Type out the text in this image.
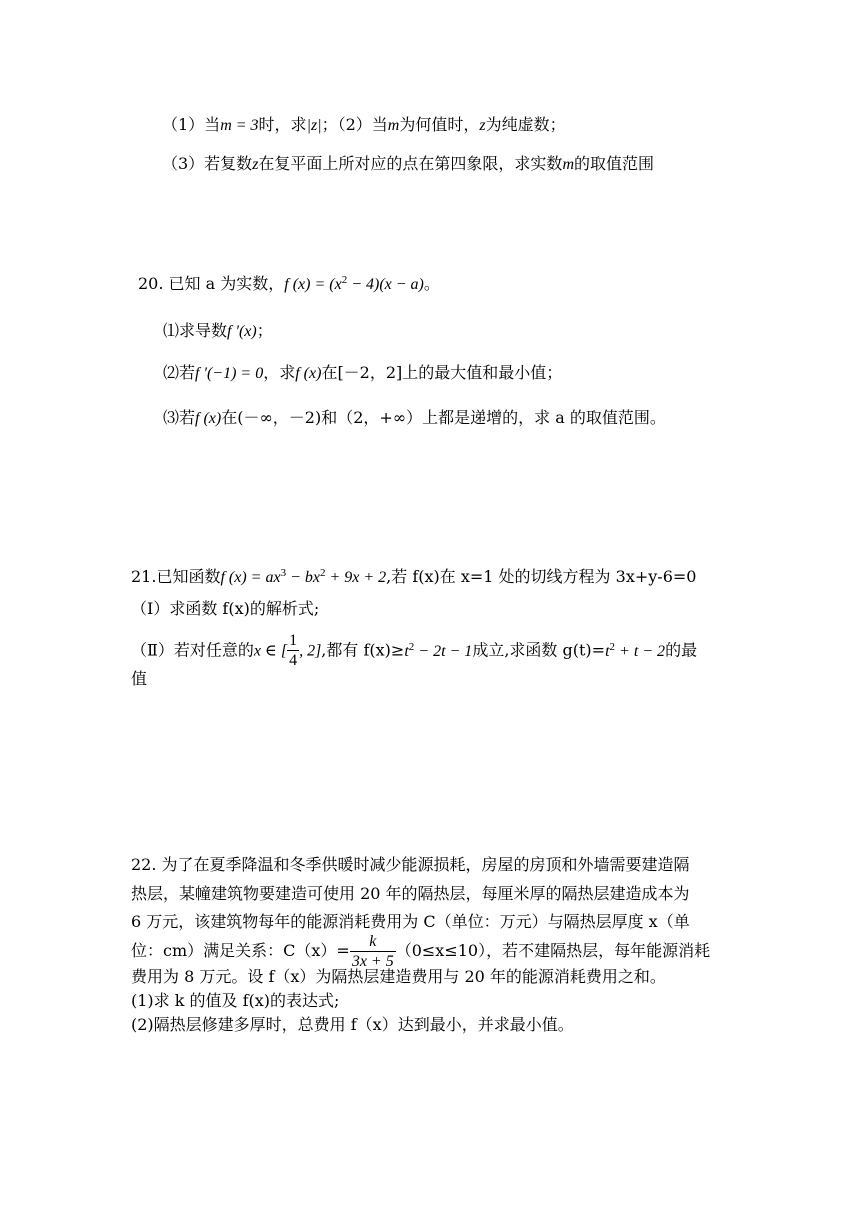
（1）当m = 3时，求|z|；（2）当m为何值时，z为纯虚数；
（3）若复数z在复平面上所对应的点在第四象限，求实数m的取值范围
20. 已知 a 为实数，f $(x) = (x^2 - 4)(x - a)$。
⑴求导数f ′(x)；
⑵若f ′(−1) = 0，求f (x)在[－2，2]上的最大值和最小值；
⑶若f (x)在(－∞，－2)和（2，+∞）上都是递增的，求 a 的取值范围。
21.已知函数f $(x) = ax^3 - bx^2 + 9x + 2$,若 f(x)在 x=1 处的切线方程为 3x+y-6=0
（Ⅰ）求函数 f(x)的解析式;
（Ⅱ）若对任意的x ∈ [ $\frac{1}{4}$ , 2],都有 $f(x)\ge t^2 - 2t - 1$成立,求函数 $g(t)=t^2 + t - 2$的最
值
22. 为了在夏季降温和冬季供暖时减少能源损耗，房屋的房顶和外墙需要建造隔
热层，某幢建筑物要建造可使用 20 年的隔热层，每厘米厚的隔热层建造成本为
6 万元，该建筑物每年的能源消耗费用为 C（单位：万元）与隔热层厚度 x（单
位：cm）满足关系：$C(x)= \frac{k}{3x + 5} (0\le x\le 10)$，若不建隔热层，每年能源消耗
费用为 8 万元。设 f（x）为隔热层建造费用与 20 年的能源消耗费用之和。
(1)求 k 的值及 f(x)的表达式;
(2)隔热层修建多厚时，总费用 f（x）达到最小，并求最小值。
